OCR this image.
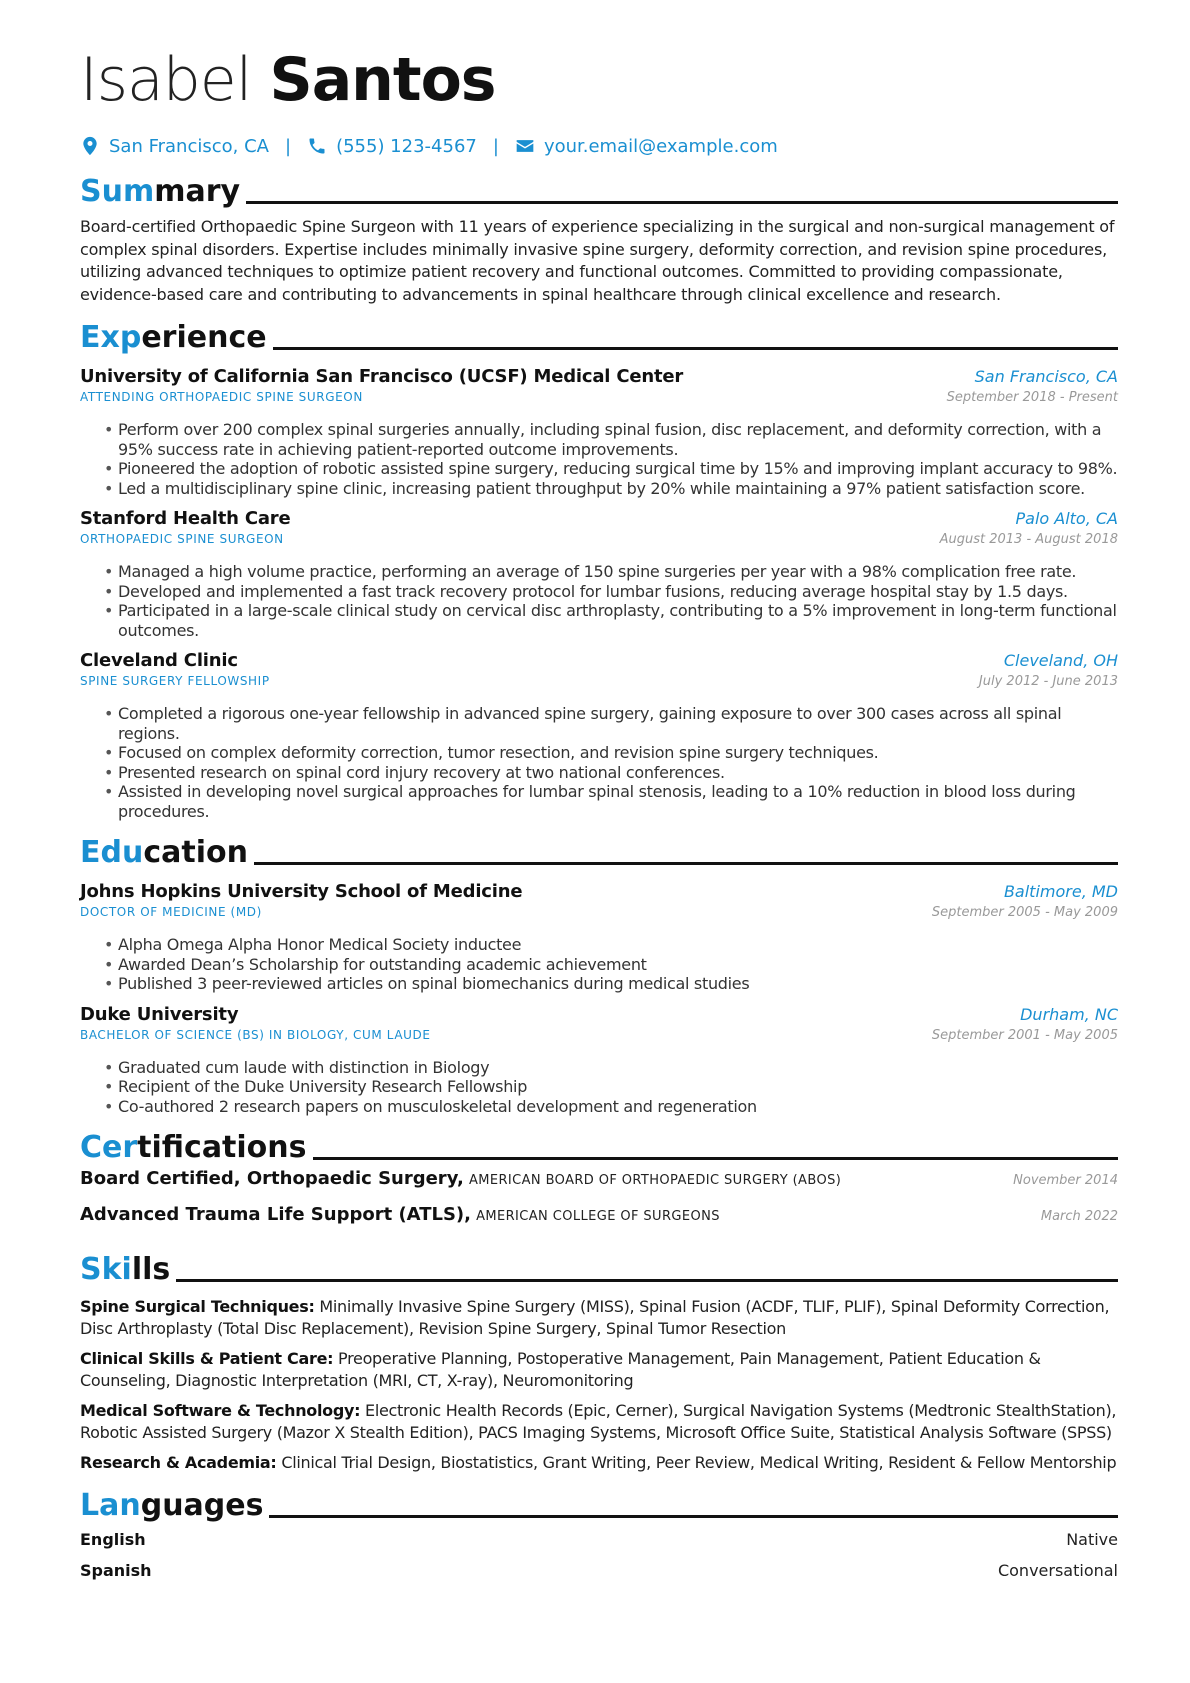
Isabel Santos
San Francisco, CA |	(555) 123-4567 |	your.email@example.com
Summary
Board-certified Orthopaedic Spine Surgeon with 11 years of experience specializing in the surgical and non-surgical management of complex spinal disorders. Expertise includes minimally invasive spine surgery, deformity correction, and revision spine procedures, utilizing advanced techniques to optimize patient recovery and functional outcomes. Committed to providing compassionate, evidence-based care and contributing to advancements in spinal healthcare through clinical excellence and research.
Experience
University of California San Francisco (UCSF) Medical Center	San Francisco, CA
ATTENDING ORTHOPAEDIC SPINE SURGEON	September 2018 - Present
• Perform over 200 complex spinal surgeries annually, including spinal fusion, disc replacement, and deformity correction, with a 95% success rate in achieving patient-reported outcome improvements.
• Pioneered the adoption of robotic assisted spine surgery, reducing surgical time by 15% and improving implant accuracy to 98%.
• Led a multidisciplinary spine clinic, increasing patient throughput by 20% while maintaining a 97% patient satisfaction score.
Stanford Health Care	Palo Alto, CA
ORTHOPAEDIC SPINE SURGEON	August 2013 - August 2018
• Managed a high volume practice, performing an average of 150 spine surgeries per year with a 98% complication free rate.
• Developed and implemented a fast track recovery protocol for lumbar fusions, reducing average hospital stay by 1.5 days.
• Participated in a large-scale clinical study on cervical disc arthroplasty, contributing to a 5% improvement in long-term functional outcomes.
Cleveland Clinic	Cleveland, OH
SPINE SURGERY FELLOWSHIP	July 2012 - June 2013
• Completed a rigorous one-year fellowship in advanced spine surgery, gaining exposure to over 300 cases across all spinal regions.
• Focused on complex deformity correction, tumor resection, and revision spine surgery techniques.
• Presented research on spinal cord injury recovery at two national conferences.
• Assisted in developing novel surgical approaches for lumbar spinal stenosis, leading to a 10% reduction in blood loss during procedures.
Education
Johns Hopkins University School of Medicine	Baltimore, MD
DOCTOR OF MEDICINE (MD)	September 2005 - May 2009
• Alpha Omega Alpha Honor Medical Society inductee
• Awarded Dean’s Scholarship for outstanding academic achievement
• Published 3 peer-reviewed articles on spinal biomechanics during medical studies
Duke University	Durham, NC
BACHELOR OF SCIENCE (BS) IN BIOLOGY, CUM LAUDE	September 2001 - May 2005
• Graduated cum laude with distinction in Biology
• Recipient of the Duke University Research Fellowship
• Co-authored 2 research papers on musculoskeletal development and regeneration
Certifications
Board Certified, Orthopaedic Surgery, AMERICAN BOARD OF ORTHOPAEDIC SURGERY (ABOS)	November 2014
Advanced Trauma Life Support (ATLS), AMERICAN COLLEGE OF SURGEONS	March 2022
Skills
Spine Surgical Techniques: Minimally Invasive Spine Surgery (MISS), Spinal Fusion (ACDF, TLIF, PLIF), Spinal Deformity Correction, Disc Arthroplasty (Total Disc Replacement), Revision Spine Surgery, Spinal Tumor Resection
Clinical Skills & Patient Care: Preoperative Planning, Postoperative Management, Pain Management, Patient Education & Counseling, Diagnostic Interpretation (MRI, CT, X-ray), Neuromonitoring
Medical Software & Technology: Electronic Health Records (Epic, Cerner), Surgical Navigation Systems (Medtronic StealthStation), Robotic Assisted Surgery (Mazor X Stealth Edition), PACS Imaging Systems, Microsoft Office Suite, Statistical Analysis Software (SPSS)
Research & Academia: Clinical Trial Design, Biostatistics, Grant Writing, Peer Review, Medical Writing, Resident & Fellow Mentorship
Languages
English	Native
Spanish	Conversational
